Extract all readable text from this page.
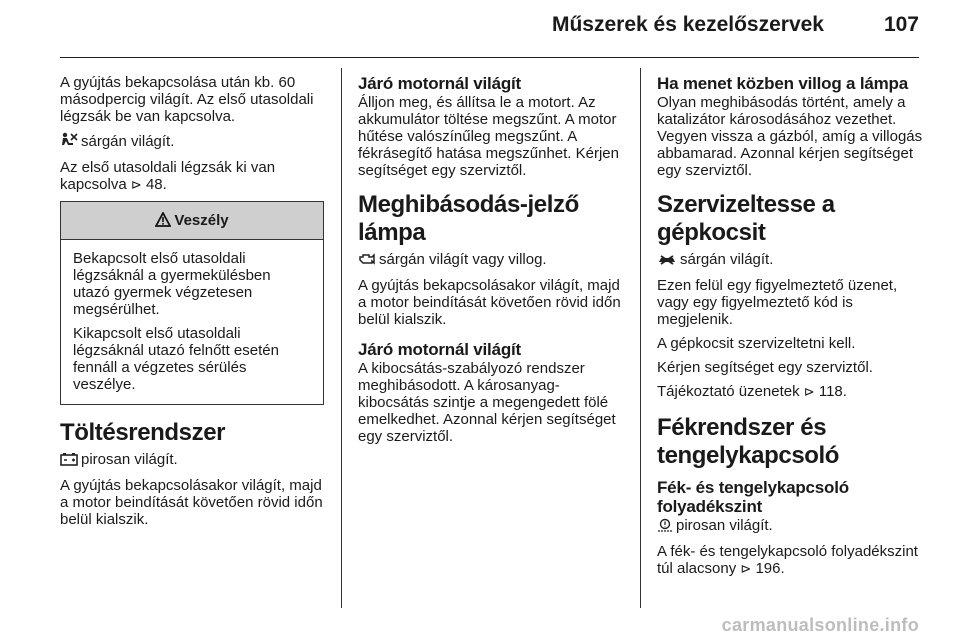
Műszerek és kezelőszervek	107

A gyújtás bekapcsolása után kb. 60 másodpercig világít. Az első utasoldali légzsák be van kapcsolva.

sárgán világít.

Az első utasoldali légzsák ki van kapcsolva ⊳ 48.

Veszély

Bekapcsolt első utasoldali légzsáknál a gyermekülésben utazó gyermek végzetesen megsérülhet.

Kikapcsolt első utasoldali légzsáknál utazó felnőtt esetén fennáll a végzetes sérülés veszélye.

Töltésrendszer

pirosan világít.

A gyújtás bekapcsolásakor világít, majd a motor beindítását követően rövid időn belül kialszik.

Járó motornál világít

Álljon meg, és állítsa le a motort. Az akkumulátor töltése megszűnt. A motor hűtése valószínűleg megszűnt. A fékrásegítő hatása megszűnhet. Kérjen segítséget egy szerviztől.

Meghibásodás-jelző lámpa

sárgán világít vagy villog.

A gyújtás bekapcsolásakor világít, majd a motor beindítását követően rövid időn belül kialszik.

Járó motornál világít

A kibocsátás-szabályozó rendszer meghibásodott. A károsanyag-kibocsátás szintje a megengedett fölé emelkedhet. Azonnal kérjen segítséget egy szerviztől.

Ha menet közben villog a lámpa

Olyan meghibásodás történt, amely a katalizátor károsodásához vezethet. Vegyen vissza a gázból, amíg a villogás abbamarad. Azonnal kérjen segítséget egy szerviztől.

Szervizeltesse a gépkocsit

sárgán világít.

Ezen felül egy figyelmeztető üzenet, vagy egy figyelmeztető kód is megjelenik.

A gépkocsit szervizeltetni kell.

Kérjen segítséget egy szerviztől.

Tájékoztató üzenetek ⊳ 118.

Fékrendszer és tengelykapcsoló
Fék- és tengelykapcsoló folyadékszint

pirosan világít.

A fék- és tengelykapcsoló folyadékszint túl alacsony ⊳ 196.

carmanualsonline.info
